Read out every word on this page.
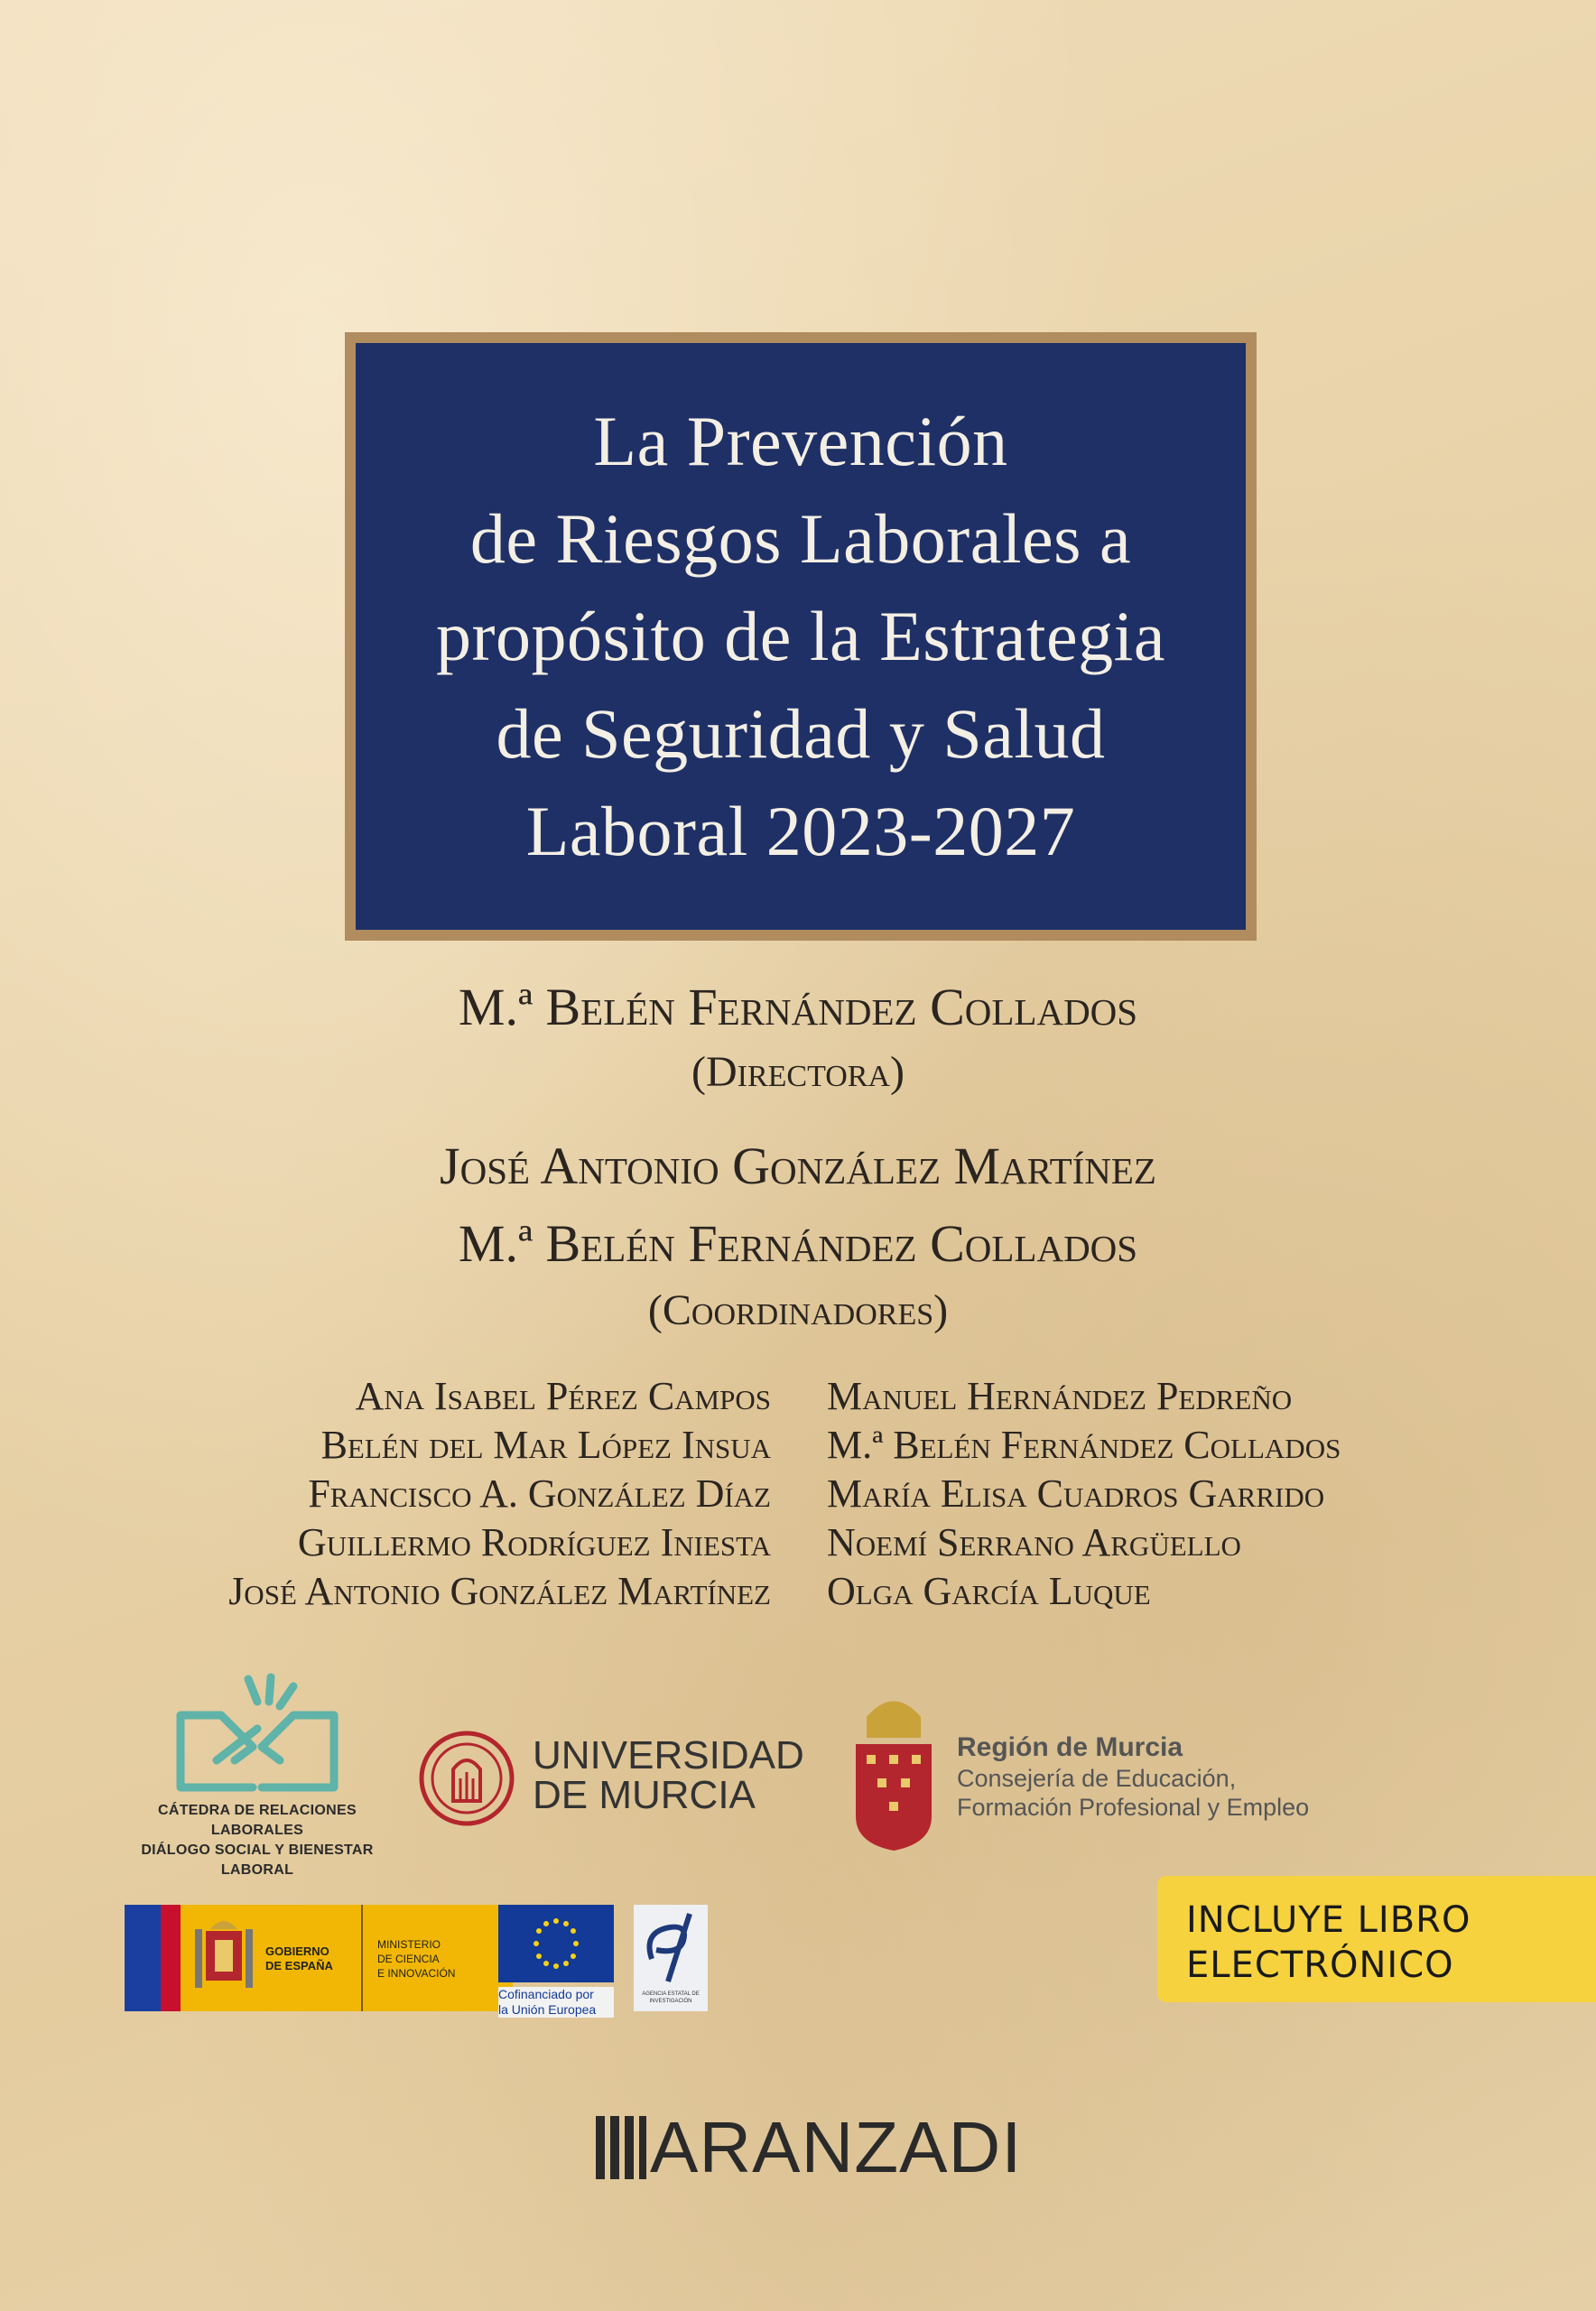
La Prevención
de Riesgos Laborales a
propósito de la Estrategia
de Seguridad y Salud
Laboral 2023-2027
M.ª Belén Fernández Collados
(Directora)
José Antonio González Martínez
M.ª Belén Fernández Collados
(Coordinadores)
Ana Isabel Pérez Campos
Belén del Mar López Insua
Francisco A. González Díaz
Guillermo Rodríguez Iniesta
José Antonio González Martínez
Manuel Hernández Pedreño
M.ª Belén Fernández Collados
María Elisa Cuadros Garrido
Noemí Serrano Argüello
Olga García Luque
CÁTEDRA DE RELACIONES LABORALES
DIÁLOGO SOCIAL Y BIENESTAR LABORAL
UNIVERSIDAD
DE MURCIA
Región de Murcia
Consejería de Educación,
Formación Profesional y Empleo
GOBIERNO
DE ESPAÑA
MINISTERIO
DE CIENCIA
E INNOVACIÓN
Cofinanciado por
la Unión Europea
AGENCIA ESTATAL DE INVESTIGACIÓN
INCLUYE LIBRO
ELECTRÓNICO
ARANZADI
